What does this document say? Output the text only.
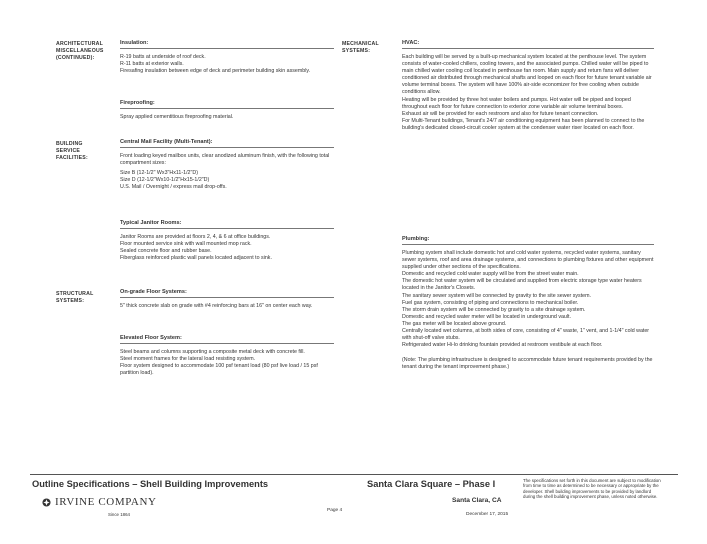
ARCHITECTURAL MISCELLANEOUS (CONTINUED):
Insulation:

R-19 batts at underside of roof deck.

R-11 batts at exterior walls.

Firesafing insulation between edge of deck and perimeter building skin assembly.

Fireproofing:

Spray applied cementitious fireproofing material.

BUILDING SERVICE FACILITIES:
Central Mail Facility (Multi-Tenant):

Front loading keyed mailbox units, clear anodized aluminum finish, with the following total compartment sizes:

Size B (12-1/2" Wx3"Hx11-1/2"D)

Size D (12-1/2"Wx10-1/2"Hx15-1/2"D)

U.S. Mail / Overnight / express mail drop-offs.

Typical Janitor Rooms:

Janitor Rooms are provided at floors 2, 4, & 6 at office buildings.

Floor mounted service sink with wall mounted mop rack.

Sealed concrete floor and rubber base.

Fiberglass reinforced plastic wall panels located adjacent to sink.

STRUCTURAL SYSTEMS:
On-grade Floor Systems:

5" thick concrete slab on grade with #4 reinforcing bars at 16" on center each way.

Elevated Floor System:

Steel beams and columns supporting a composite metal deck with concrete fill.

Steel moment frames for the lateral load resisting system.

Floor system designed to accommodate 100 psf tenant load (80 psf live load / 15 psf partition load).

MECHANICAL SYSTEMS:
HVAC:

Each building will be served by a built-up mechanical system located at the penthouse level. The system consists of water-cooled chillers, cooling towers, and the associated pumps. Chilled water will be piped to main chilled water cooling coil located in penthouse fan room. Main supply and return fans will deliver conditioned air distributed through mechanical shafts and looped on each floor for future tenant variable air volume terminal boxes. The system will have 100% air-side economizer for free cooling when outside conditions allow.

Heating will be provided by three hot water boilers and pumps. Hot water will be piped and looped throughout each floor for future connection to exterior zone variable air volume terminal boxes.

Exhaust air will be provided for each restroom and also for future tenant connection.

For Multi-Tenant buildings, Tenant's 24/7 air conditioning equipment has been planned to connect to the building's dedicated closed-circuit cooler system at the condenser water riser located on each floor.

Plumbing:

Plumbing system shall include domestic hot and cold water systems, recycled water systems, sanitary sewer systems, roof and area drainage systems, and connections to plumbing fixtures and other equipment supplied under other sections of the specifications.

Domestic and recycled cold water supply will be from the street water main.

The domestic hot water system will be circulated and supplied from electric storage type water heaters located in the Janitor's Closets.

The sanitary sewer system will be connected by gravity to the site sewer system.

Fuel gas system, consisting of piping and connections to mechanical boiler.

The storm drain system will be connected by gravity to a site drainage system.

Domestic and recycled water meter will be located in underground vault.

The gas meter will be located above ground.

Centrally located wet columns, at both sides of core, consisting of 4" waste, 1" vent, and 1-1/4" cold water with shut-off valve stubs.

Refrigerated water Hi-lo drinking fountain provided at restroom vestibule at each floor.

(Note: The plumbing infrastructure is designed to accommodate future tenant requirements provided by the tenant during the tenant improvement phase.)

Outline Specifications – Shell Building Improvements	Santa Clara Square – Phase I	The specifications set forth in this document are subject to modification from time to time as determined to be necessary or appropriate by the developer. Shell building improvements to be provided by landlord during the shell building improvement phase, unless noted otherwise.
IRVINE COMPANY
Since 1864
Page 4
Santa Clara, CA
December 17, 2015
